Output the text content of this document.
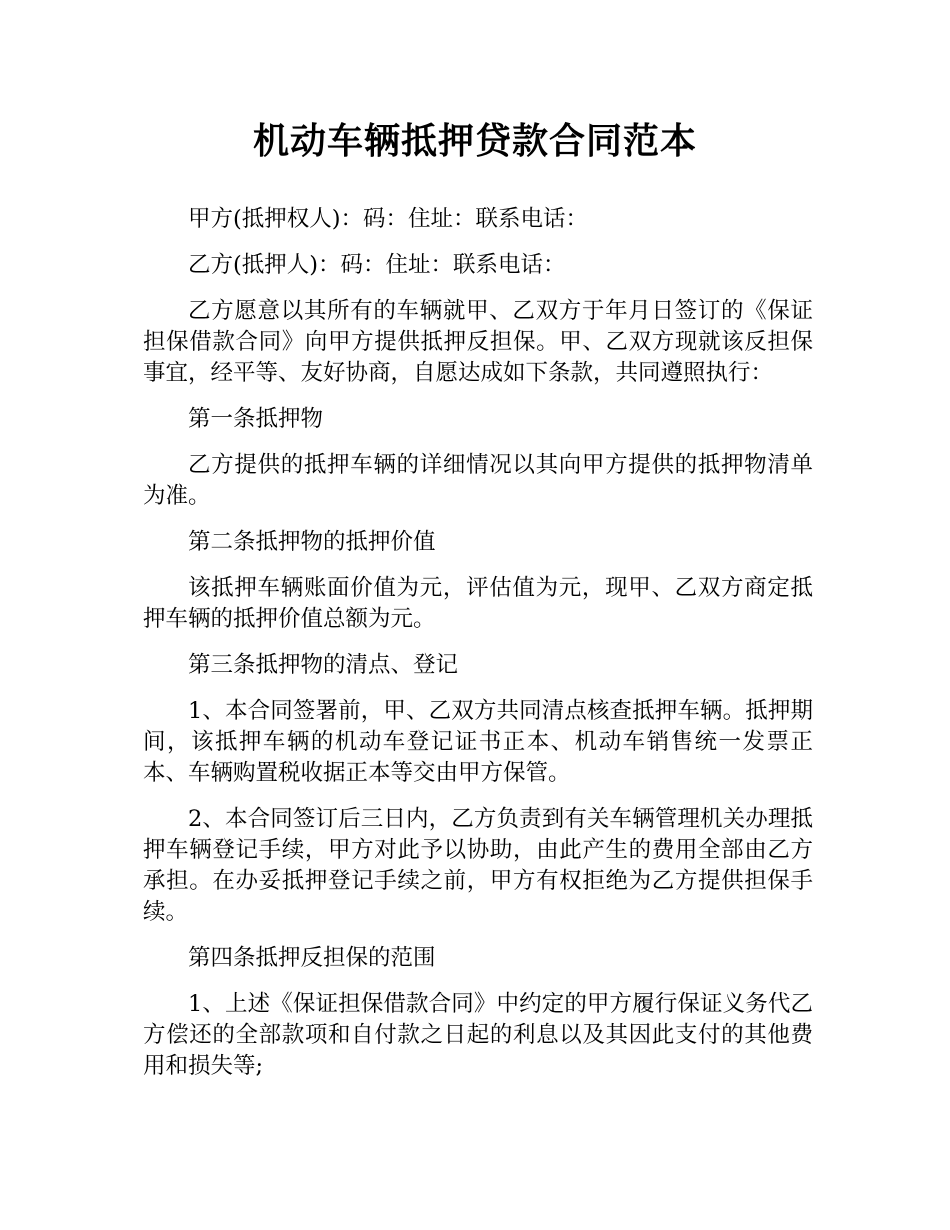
机动车辆抵押贷款合同范本

甲方(抵押权人)：码：住址：联系电话：

乙方(抵押人)：码：住址：联系电话：

乙方愿意以其所有的车辆就甲、乙双方于年月日签订的《保证担保借款合同》向甲方提供抵押反担保。甲、乙双方现就该反担保事宜，经平等、友好协商，自愿达成如下条款，共同遵照执行：

第一条抵押物

乙方提供的抵押车辆的详细情况以其向甲方提供的抵押物清单为准。

第二条抵押物的抵押价值

该抵押车辆账面价值为元，评估值为元，现甲、乙双方商定抵押车辆的抵押价值总额为元。

第三条抵押物的清点、登记

1、本合同签署前，甲、乙双方共同清点核查抵押车辆。抵押期间，该抵押车辆的机动车登记证书正本、机动车销售统一发票正本、车辆购置税收据正本等交由甲方保管。

2、本合同签订后三日内，乙方负责到有关车辆管理机关办理抵押车辆登记手续，甲方对此予以协助，由此产生的费用全部由乙方承担。在办妥抵押登记手续之前，甲方有权拒绝为乙方提供担保手续。

第四条抵押反担保的范围

1、上述《保证担保借款合同》中约定的甲方履行保证义务代乙方偿还的全部款项和自付款之日起的利息以及其因此支付的其他费用和损失等;
